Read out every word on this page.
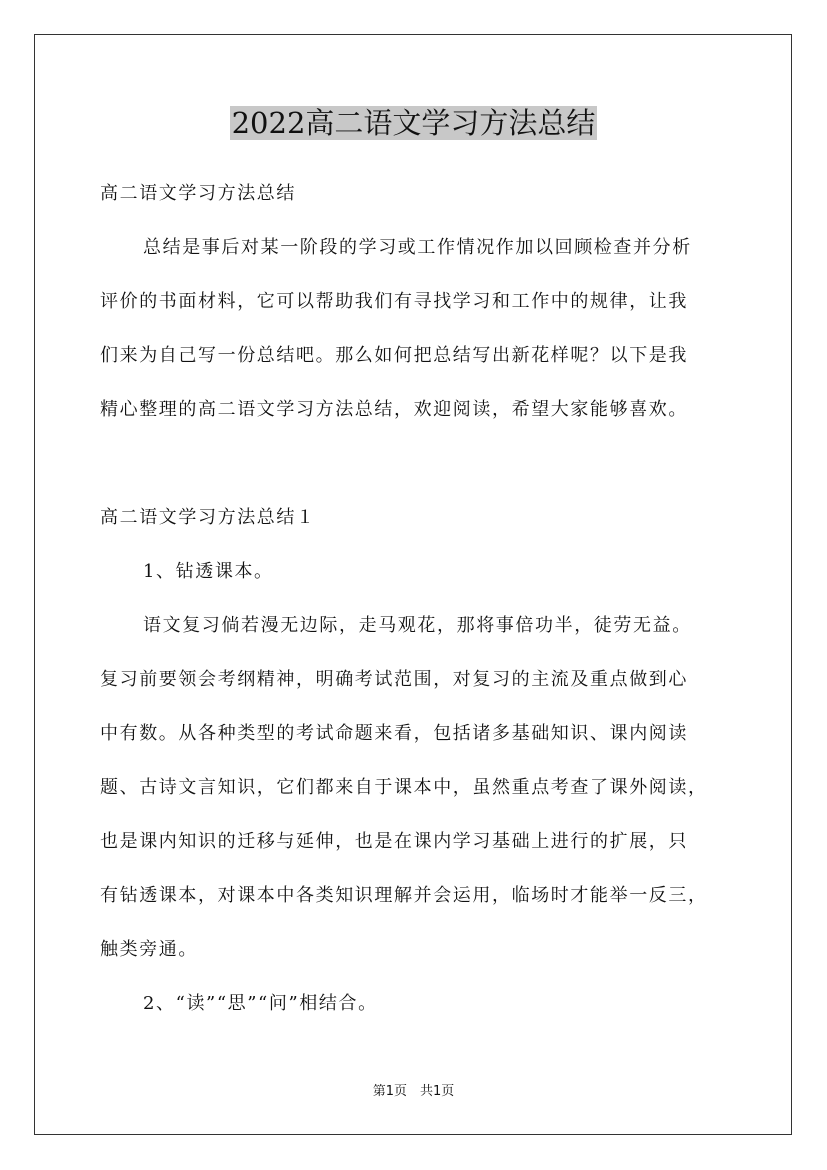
2022高二语文学习方法总结

高二语文学习方法总结

总结是事后对某一阶段的学习或工作情况作加以回顾检查并分析

评价的书面材料，它可以帮助我们有寻找学习和工作中的规律，让我

们来为自己写一份总结吧。那么如何把总结写出新花样呢？以下是我

精心整理的高二语文学习方法总结，欢迎阅读，希望大家能够喜欢。

高二语文学习方法总结１

1、钻透课本。

语文复习倘若漫无边际，走马观花，那将事倍功半，徒劳无益。

复习前要领会考纲精神，明确考试范围，对复习的主流及重点做到心

中有数。从各种类型的考试命题来看，包括诸多基础知识、课内阅读

题、古诗文言知识，它们都来自于课本中，虽然重点考查了课外阅读，

也是课内知识的迁移与延伸，也是在课内学习基础上进行的扩展，只

有钻透课本，对课本中各类知识理解并会运用，临场时才能举一反三，

触类旁通。

2、“读”“思”“问”相结合。

第1页　共1页
